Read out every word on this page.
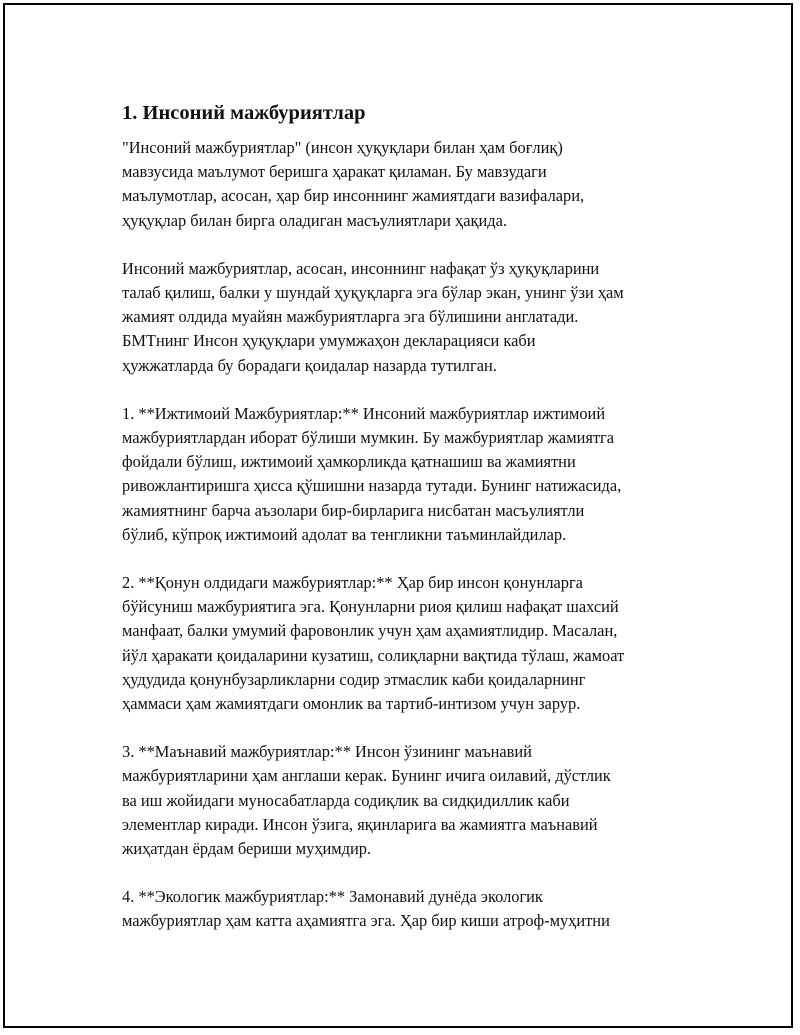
1. Инсоний мажбуриятлар

"Инсоний мажбуриятлар" (инсон ҳуқуқлари билан ҳам боғлиқ)
мавзусида маълумот беришга ҳаракат қиламан. Бу мавзудаги
маълумотлар, асосан, ҳар бир инсоннинг жамиятдаги вазифалари,
ҳуқуқлар билан бирга оладиган масъулиятлари ҳақида.

Инсоний мажбуриятлар, асосан, инсоннинг нафақат ўз ҳуқуқларини
талаб қилиш, балки у шундай ҳуқуқларга эга бўлар экан, унинг ўзи ҳам
жамият олдида муайян мажбуриятларга эга бўлишини англатади.
БМТнинг Инсон ҳуқуқлари умумжаҳон декларацияси каби
ҳужжатларда бу борадаги қоидалар назарда тутилган.

1. **Ижтимоий Мажбуриятлар:** Инсоний мажбуриятлар ижтимоий
мажбуриятлардан иборат бўлиши мумкин. Бу мажбуриятлар жамиятга
фойдали бўлиш, ижтимоий ҳамкорликда қатнашиш ва жамиятни
ривожлантиришга ҳисса қўшишни назарда тутади. Бунинг натижасида,
жамиятнинг барча аъзолари бир-бирларига нисбатан масъулиятли
бўлиб, кўпроқ ижтимоий адолат ва тенгликни таъминлайдилар.

2. **Қонун олдидаги мажбуриятлар:** Ҳар бир инсон қонунларга
бўйсуниш мажбуриятига эга. Қонунларни риоя қилиш нафақат шахсий
манфаат, балки умумий фаровонлик учун ҳам аҳамиятлидир. Масалан,
йўл ҳаракати қоидаларини кузатиш, солиқларни вақтида тўлаш, жамоат
ҳудудида қонунбузарликларни содир этмаслик каби қоидаларнинг
ҳаммаси ҳам жамиятдаги омонлик ва тартиб-интизом учун зарур.

3. **Маънавий мажбуриятлар:** Инсон ўзининг маънавий
мажбуриятларини ҳам англаши керак. Бунинг ичига оилавий, дўстлик
ва иш жойидаги муносабатларда содиқлик ва сидқидиллик каби
элементлар киради. Инсон ўзига, яқинларига ва жамиятга маънавий
жиҳатдан ёрдам бериши муҳимдир.

4. **Экологик мажбуриятлар:** Замонавий дунёда экологик
мажбуриятлар ҳам катта аҳамиятга эга. Ҳар бир киши атроф-муҳитни
